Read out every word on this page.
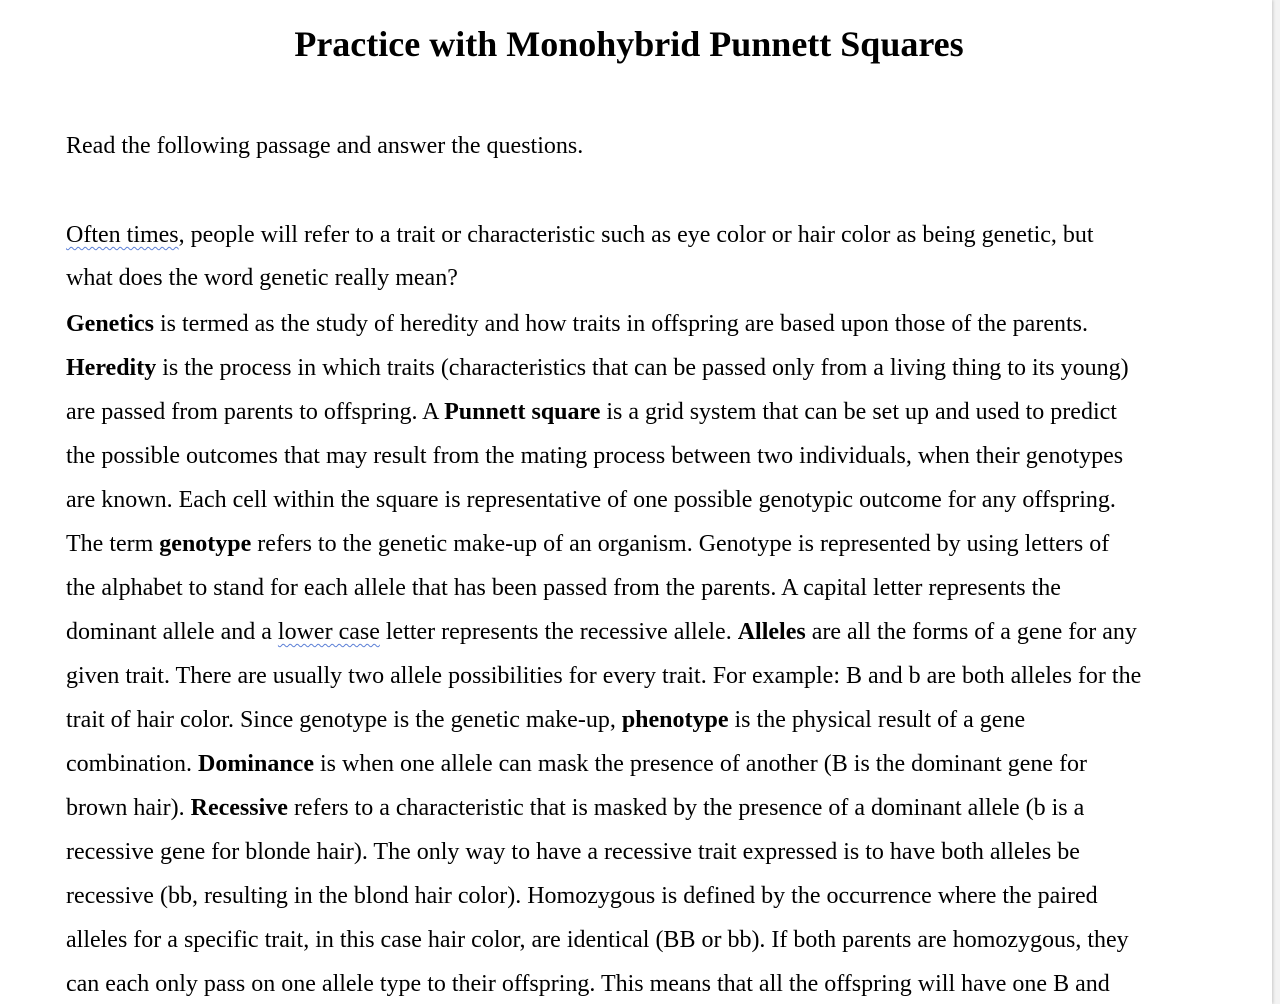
Practice with Monohybrid Punnett Squares

Read the following passage and answer the questions.

Often times, people will refer to a trait or characteristic such as eye color or hair color as being genetic, but
what does the word genetic really mean?

Genetics is termed as the study of heredity and how traits in offspring are based upon those of the parents.
Heredity is the process in which traits (characteristics that can be passed only from a living thing to its young)
are passed from parents to offspring. A Punnett square is a grid system that can be set up and used to predict
the possible outcomes that may result from the mating process between two individuals, when their genotypes
are known. Each cell within the square is representative of one possible genotypic outcome for any offspring.
The term genotype refers to the genetic make-up of an organism. Genotype is represented by using letters of
the alphabet to stand for each allele that has been passed from the parents. A capital letter represents the
dominant allele and a lower case letter represents the recessive allele. Alleles are all the forms of a gene for any
given trait. There are usually two allele possibilities for every trait. For example: B and b are both alleles for the
trait of hair color. Since genotype is the genetic make-up, phenotype is the physical result of a gene
combination. Dominance is when one allele can mask the presence of another (B is the dominant gene for
brown hair). Recessive refers to a characteristic that is masked by the presence of a dominant allele (b is a
recessive gene for blonde hair). The only way to have a recessive trait expressed is to have both alleles be
recessive (bb, resulting in the blond hair color). Homozygous is defined by the occurrence where the paired
alleles for a specific trait, in this case hair color, are identical (BB or bb). If both parents are homozygous, they
can each only pass on one allele type to their offspring. This means that all the offspring will have one B and
